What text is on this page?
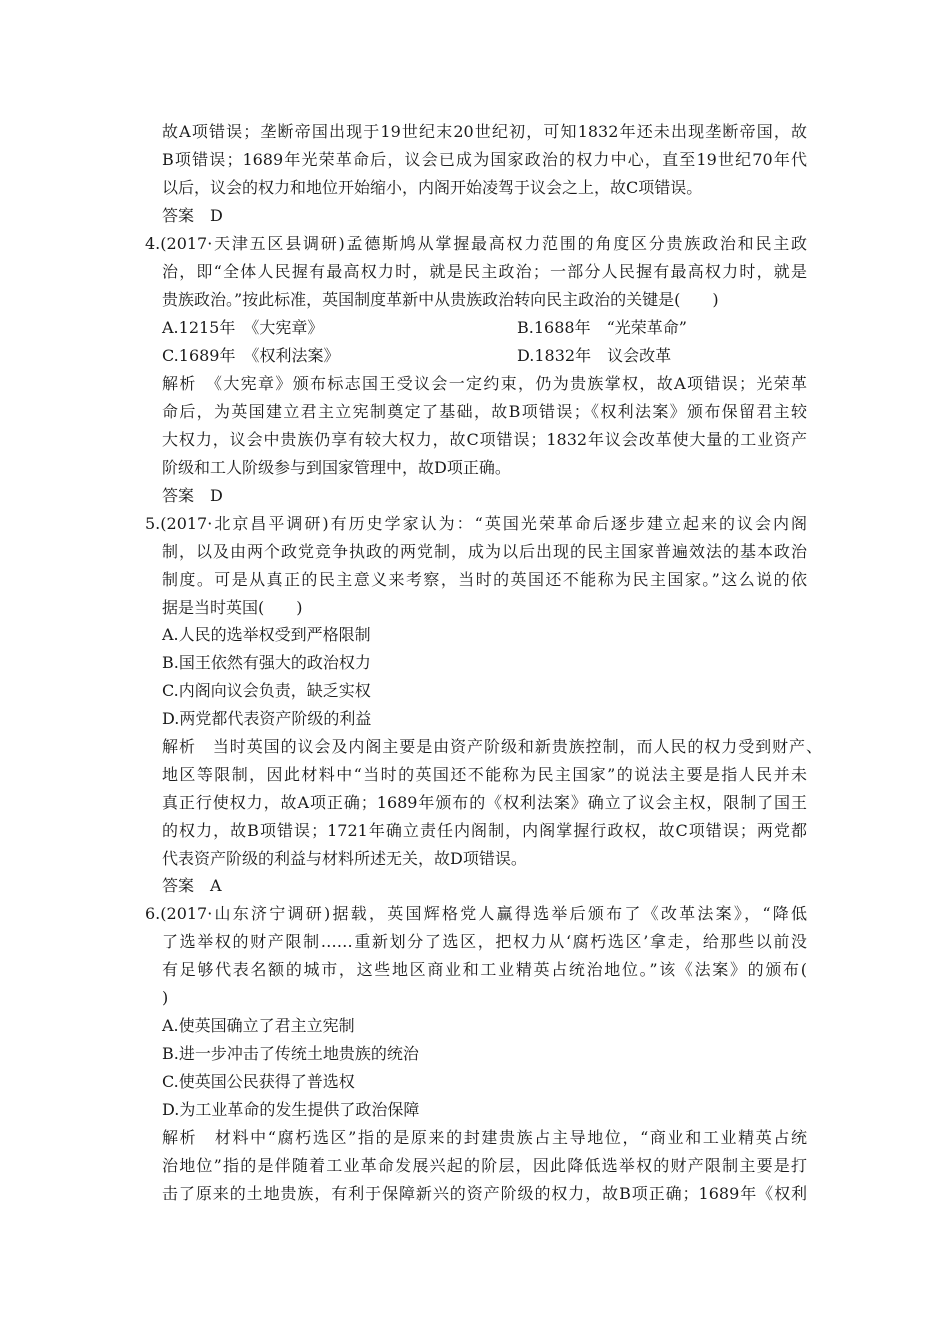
故A项错误；垄断帝国出现于19世纪末20世纪初，可知1832年还未出现垄断帝国，故
B项错误；1689年光荣革命后，议会已成为国家政治的权力中心，直至19世纪70年代
以后，议会的权力和地位开始缩小，内阁开始凌驾于议会之上，故C项错误。
答案　D
4.(2017·天津五区县调研)孟德斯鸠从掌握最高权力范围的角度区分贵族政治和民主政
治，即“全体人民握有最高权力时，就是民主政治；一部分人民握有最高权力时，就是
贵族政治。”按此标准，英国制度革新中从贵族政治转向民主政治的关键是(　　)
A.1215年　《大宪章》	B.1688年　“光荣革命”
C.1689年　《权利法案》	D.1832年　议会改革
解析　《大宪章》颁布标志国王受议会一定约束，仍为贵族掌权，故A项错误；光荣革
命后，为英国建立君主立宪制奠定了基础，故B项错误；《权利法案》颁布保留君主较
大权力，议会中贵族仍享有较大权力，故C项错误；1832年议会改革使大量的工业资产
阶级和工人阶级参与到国家管理中，故D项正确。
答案　D
5.(2017·北京昌平调研)有历史学家认为：“英国光荣革命后逐步建立起来的议会内阁
制，以及由两个政党竞争执政的两党制，成为以后出现的民主国家普遍效法的基本政治
制度。可是从真正的民主意义来考察，当时的英国还不能称为民主国家。”这么说的依
据是当时英国(　　)
A.人民的选举权受到严格限制
B.国王依然有强大的政治权力
C.内阁向议会负责，缺乏实权
D.两党都代表资产阶级的利益
解析　当时英国的议会及内阁主要是由资产阶级和新贵族控制，而人民的权力受到财产、
地区等限制，因此材料中“当时的英国还不能称为民主国家”的说法主要是指人民并未
真正行使权力，故A项正确；1689年颁布的《权利法案》确立了议会主权，限制了国王
的权力，故B项错误；1721年确立责任内阁制，内阁掌握行政权，故C项错误；两党都
代表资产阶级的利益与材料所述无关，故D项错误。
答案　A
6.(2017·山东济宁调研)据载，英国辉格党人赢得选举后颁布了《改革法案》，“降低
了选举权的财产限制……重新划分了选区，把权力从‘腐朽选区’拿走，给那些以前没
有足够代表名额的城市，这些地区商业和工业精英占统治地位。”该《法案》的颁布(
)
A.使英国确立了君主立宪制
B.进一步冲击了传统土地贵族的统治
C.使英国公民获得了普选权
D.为工业革命的发生提供了政治保障
解析　材料中“腐朽选区”指的是原来的封建贵族占主导地位，“商业和工业精英占统
治地位”指的是伴随着工业革命发展兴起的阶层，因此降低选举权的财产限制主要是打
击了原来的土地贵族，有利于保障新兴的资产阶级的权力，故B项正确；1689年《权利
